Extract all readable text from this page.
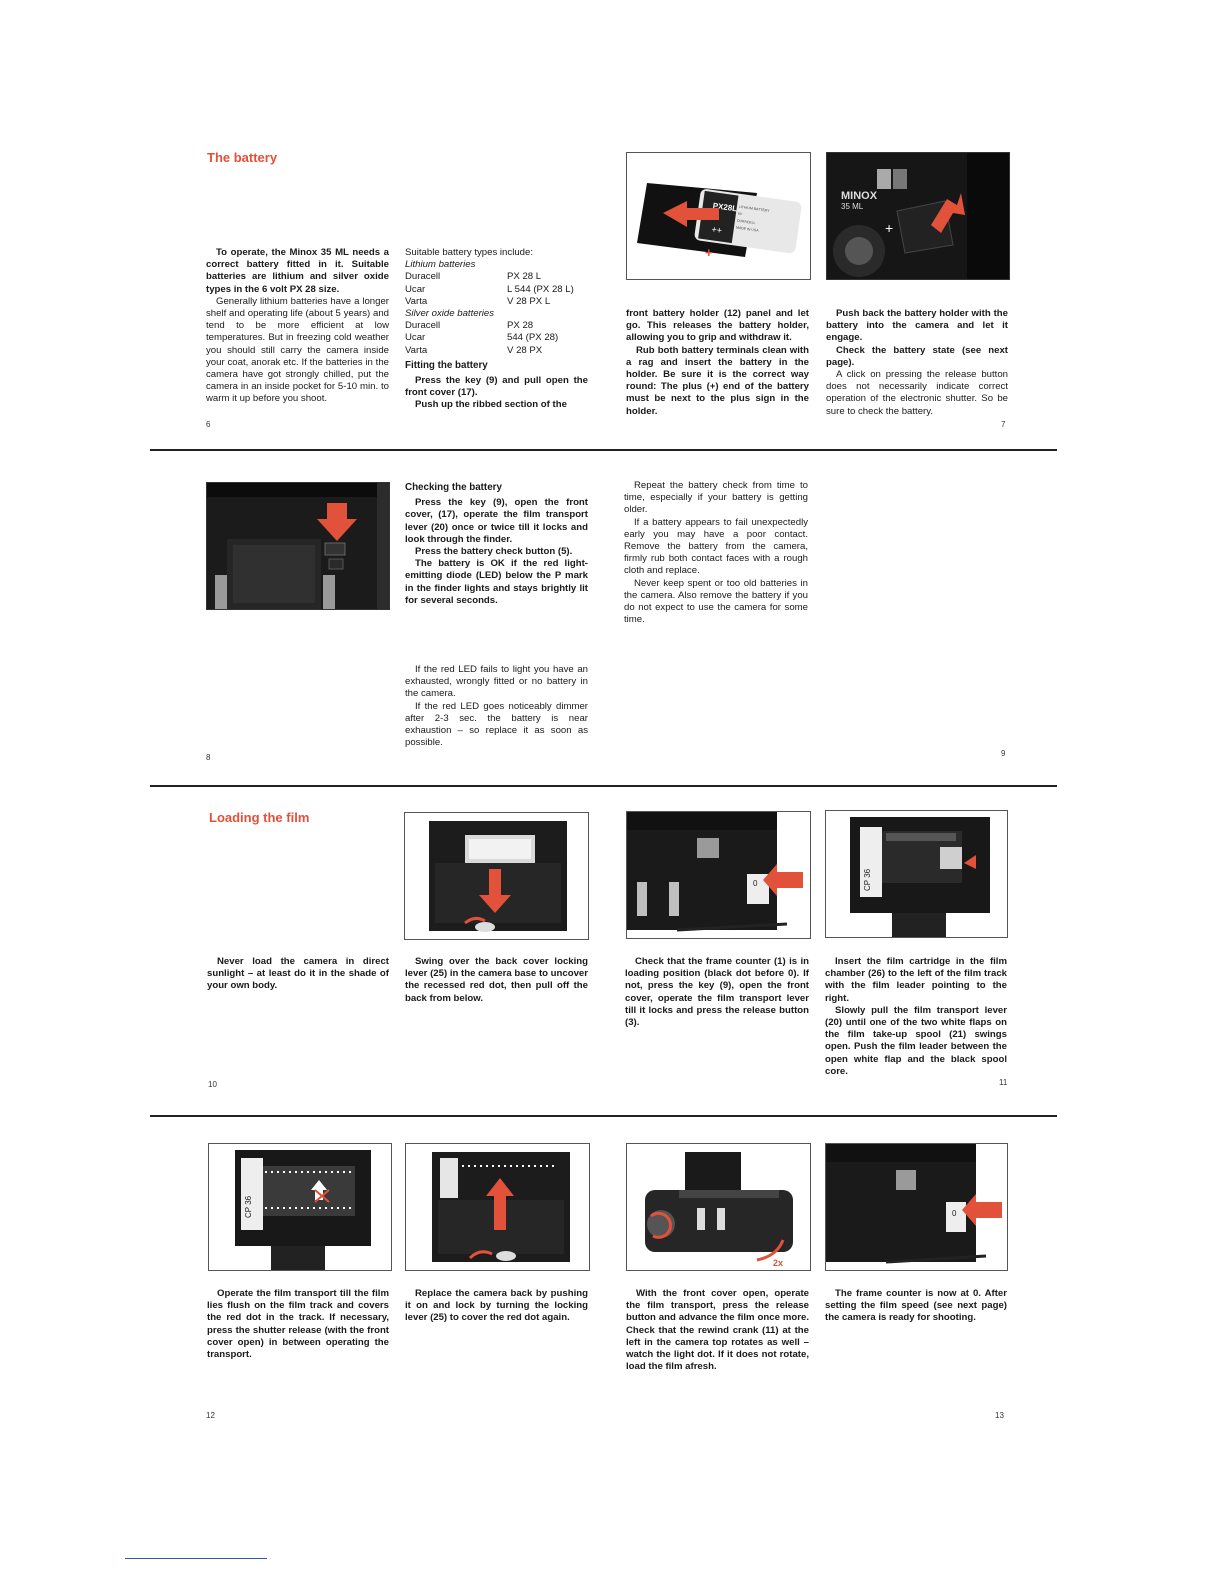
The battery

To operate, the Minox 35 ML needs a correct battery fitted in it. Suitable batteries are lithium and silver oxide types in the 6 volt PX 28 size.

Generally lithium batteries have a longer shelf and operating life (about 5 years) and tend to be more efficient at low temperatures. But in freezing cold weather you should still carry the camera inside your coat, anorak etc. If the batteries in the camera have got strongly chilled, put the camera in an inside pocket for 5-10 min. to warm it up before you shoot.

Suitable battery types include:

Lithium batteries

Duracell	PX 28 L
Ucar	L 544 (PX 28 L)
Varta	V 28 PX L

Silver oxide batteries

Duracell	PX 28
Ucar	544 (PX 28)
Varta	V 28 PX
Fitting the battery

Press the key (9) and pull open the front cover (17).

Push up the ribbed section of the

PX28L LITHIUM BATTERY
6V
DURACELL
MADE IN USA
++
+
MINOX
35 ML
+

front battery holder (12) panel and let go. This releases the battery holder, allowing you to grip and withdraw it.

Rub both battery terminals clean with a rag and insert the battery in the holder. Be sure it is the correct way round: The plus (+) end of the battery must be next to the plus sign in the holder.

Push back the battery holder with the battery into the camera and let it engage.

Check the battery state (see next page).

A click on pressing the release button does not necessarily indicate correct operation of the electronic shutter. So be sure to check the battery.

6	7
Checking the battery

Press the key (9), open the front cover, (17), operate the film transport lever (20) once or twice till it locks and look through the finder.

Press the battery check button (5).

The battery is OK if the red light-emitting diode (LED) below the P mark in the finder lights and stays brightly lit for several seconds.

If the red LED fails to light you have an exhausted, wrongly fitted or no battery in the camera.

If the red LED goes noticeably dimmer after 2-3 sec. the battery is near exhaustion – so replace it as soon as possible.

Repeat the battery check from time to time, especially if your battery is getting older.

If a battery appears to fail unexpectedly early you may have a poor contact. Remove the battery from the camera, firmly rub both contact faces with a rough cloth and replace.

Never keep spent or too old batteries in the camera. Also remove the battery if you do not expect to use the camera for some time.

8	9
Loading the film
0	CP 36

Never load the camera in direct sunlight – at least do it in the shade of your own body.

Swing over the back cover locking lever (25) in the camera base to uncover the recessed red dot, then pull off the back from below.

Check that the frame counter (1) is in loading position (black dot before 0). If not, press the key (9), open the front cover, operate the film transport lever till it locks and press the release button (3).

Insert the film cartridge in the film chamber (26) to the left of the film track with the film leader pointing to the right.

Slowly pull the film transport lever (20) until one of the two white flaps on the film take-up spool (21) swings open. Push the film leader between the open white flap and the black spool core.

10	11
CP 36
2x
0

Operate the film transport till the film lies flush on the film track and covers the red dot in the track. If necessary, press the shutter release (with the front cover open) in between operating the transport.

Replace the camera back by pushing it on and lock by turning the locking lever (25) to cover the red dot again.

With the front cover open, operate the film transport, press the release button and advance the film once more. Check that the rewind crank (11) at the left in the camera top rotates as well – watch the light dot. If it does not rotate, load the film afresh.

The frame counter is now at 0. After setting the film speed (see next page) the camera is ready for shooting.

12	13
